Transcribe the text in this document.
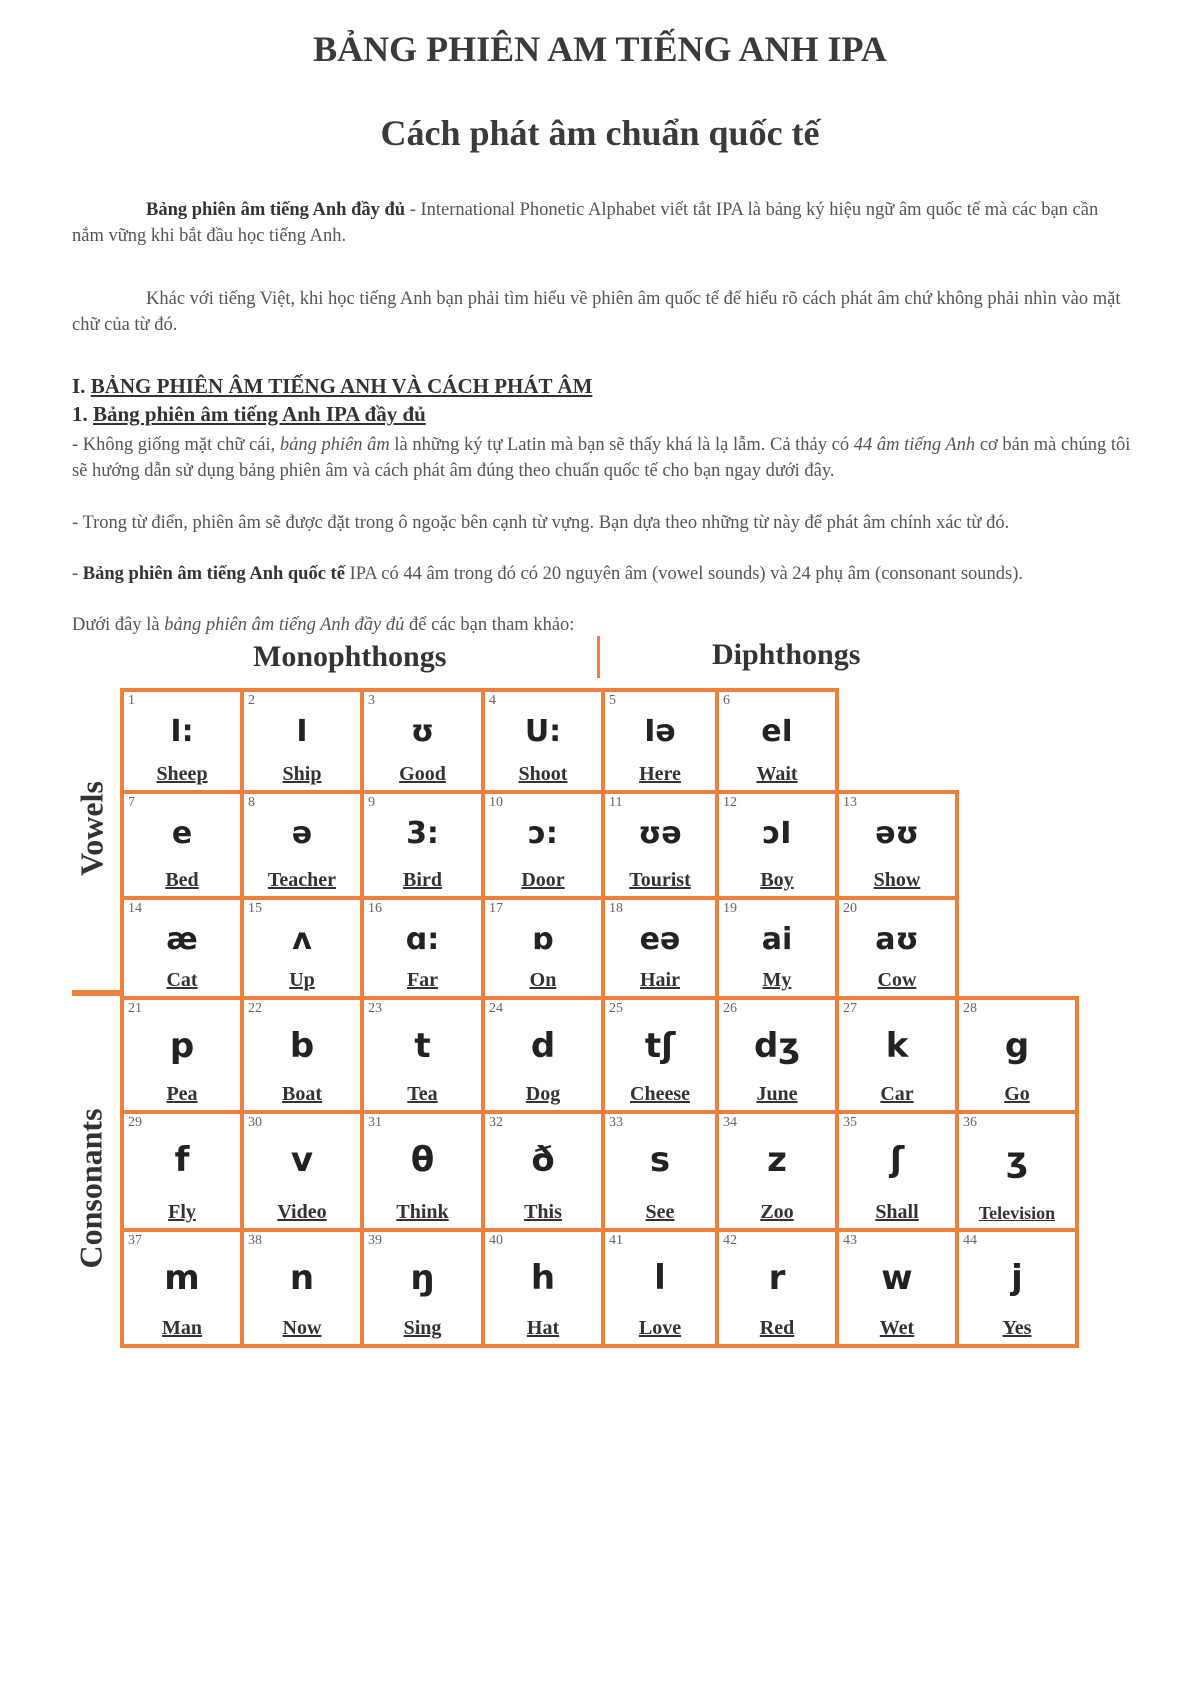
BẢNG PHIÊN AM TIẾNG ANH IPA
Cách phát âm chuẩn quốc tế
Bảng phiên âm tiếng Anh đầy đủ - International Phonetic Alphabet viết tắt IPA là bảng ký hiệu ngữ âm quốc tế mà các bạn cần nắm vững khi bắt đầu học tiếng Anh.
Khác với tiếng Việt, khi học tiếng Anh bạn phải tìm hiểu về phiên âm quốc tế để hiểu rõ cách phát âm chứ không phải nhìn vào mặt chữ của từ đó.
I. BẢNG PHIÊN ÂM TIẾNG ANH VÀ CÁCH PHÁT ÂM
1. Bảng phiên âm tiếng Anh IPA đầy đủ
- Không giống mặt chữ cái, bảng phiên âm là những ký tự Latin mà bạn sẽ thấy khá là lạ lẫm. Cả thảy có 44 âm tiếng Anh cơ bản mà chúng tôi sẽ hướng dẫn sử dụng bảng phiên âm và cách phát âm đúng theo chuẩn quốc tế cho bạn ngay dưới đây.
- Trong từ điển, phiên âm sẽ được đặt trong ô ngoặc bên cạnh từ vựng. Bạn dựa theo những từ này để phát âm chính xác từ đó.
- Bảng phiên âm tiếng Anh quốc tế IPA có 44 âm trong đó có 20 nguyên âm (vowel sounds) và 24 phụ âm (consonant sounds).
Dưới đây là bảng phiên âm tiếng Anh đầy đủ để các bạn tham khảo:
Monophthongs	Diphthongs
Vowels
Consonants
1
I:
Sheep
2
I
Ship
3
ʊ
Good
4
U:
Shoot
5
Iə
Here
6
eI
Wait
7
e
Bed
8
ə
Teacher
9
3:
Bird
10
ɔ:
Door
11
ʊə
Tourist
12
ɔI
Boy
13
əʊ
Show
14
æ
Cat
15
ʌ
Up
16
ɑ:
Far
17
ɒ
On
18
eə
Hair
19
ai
My
20
aʊ
Cow
21
p
Pea
22
b
Boat
23
t
Tea
24
d
Dog
25
tʃ
Cheese
26
dʒ
June
27
k
Car
28
g
Go
29
f
Fly
30
v
Video
31
θ
Think
32
ð
This
33
s
See
34
z
Zoo
35
ʃ
Shall
36
ʒ
Television
37
m
Man
38
n
Now
39
ŋ
Sing
40
h
Hat
41
l
Love
42
r
Red
43
w
Wet
44
j
Yes
